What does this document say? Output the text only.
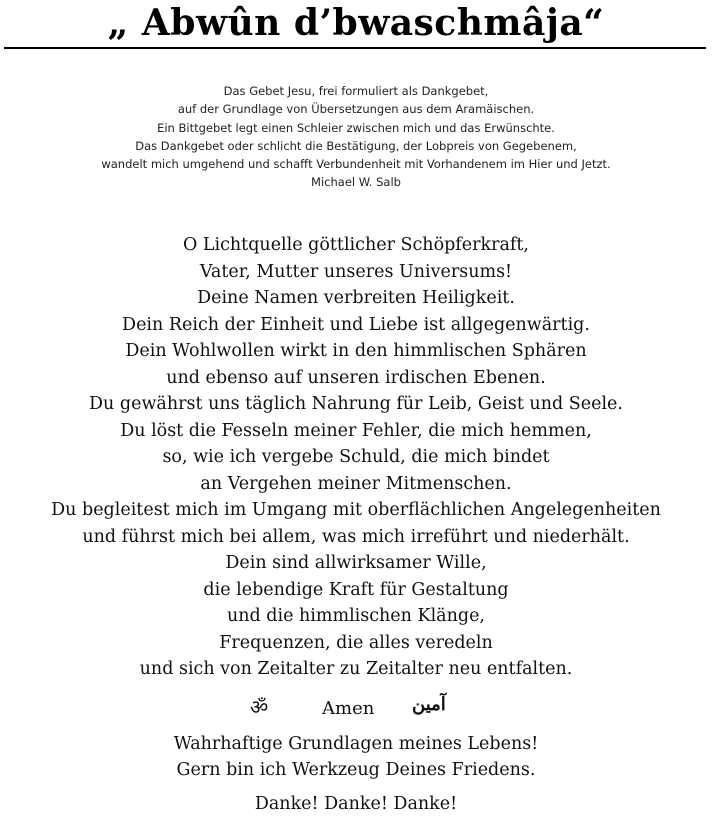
„ Abwûn d’bwaschmâja“
Das Gebet Jesu, frei formuliert als Dankgebet,
auf der Grundlage von Übersetzungen aus dem Aramäischen.
Ein Bittgebet legt einen Schleier zwischen mich und das Erwünschte.
Das Dankgebet oder schlicht die Bestätigung, der Lobpreis von Gegebenem,
wandelt mich umgehend und schafft Verbundenheit mit Vorhandenem im Hier und Jetzt.
Michael W. Salb
O Lichtquelle göttlicher Schöpferkraft,
Vater, Mutter unseres Universums!
Deine Namen verbreiten Heiligkeit.
Dein Reich der Einheit und Liebe ist allgegenwärtig.
Dein Wohlwollen wirkt in den himmlischen Sphären
und ebenso auf unseren irdischen Ebenen.
Du gewährst uns täglich Nahrung für Leib, Geist und Seele.
Du löst die Fesseln meiner Fehler, die mich hemmen,
so, wie ich vergebe Schuld, die mich bindet
an Vergehen meiner Mitmenschen.
Du begleitest mich im Umgang mit oberflächlichen Angelegenheiten
und führst mich bei allem, was mich irreführt und niederhält.
Dein sind allwirksamer Wille,
die lebendige Kraft für Gestaltung
und die himmlischen Klänge,
Frequenzen, die alles veredeln
und sich von Zeitalter zu Zeitalter neu entfalten.
ॐ	Amen آمين
Wahrhaftige Grundlagen meines Lebens!
Gern bin ich Werkzeug Deines Friedens.
Danke! Danke! Danke!
